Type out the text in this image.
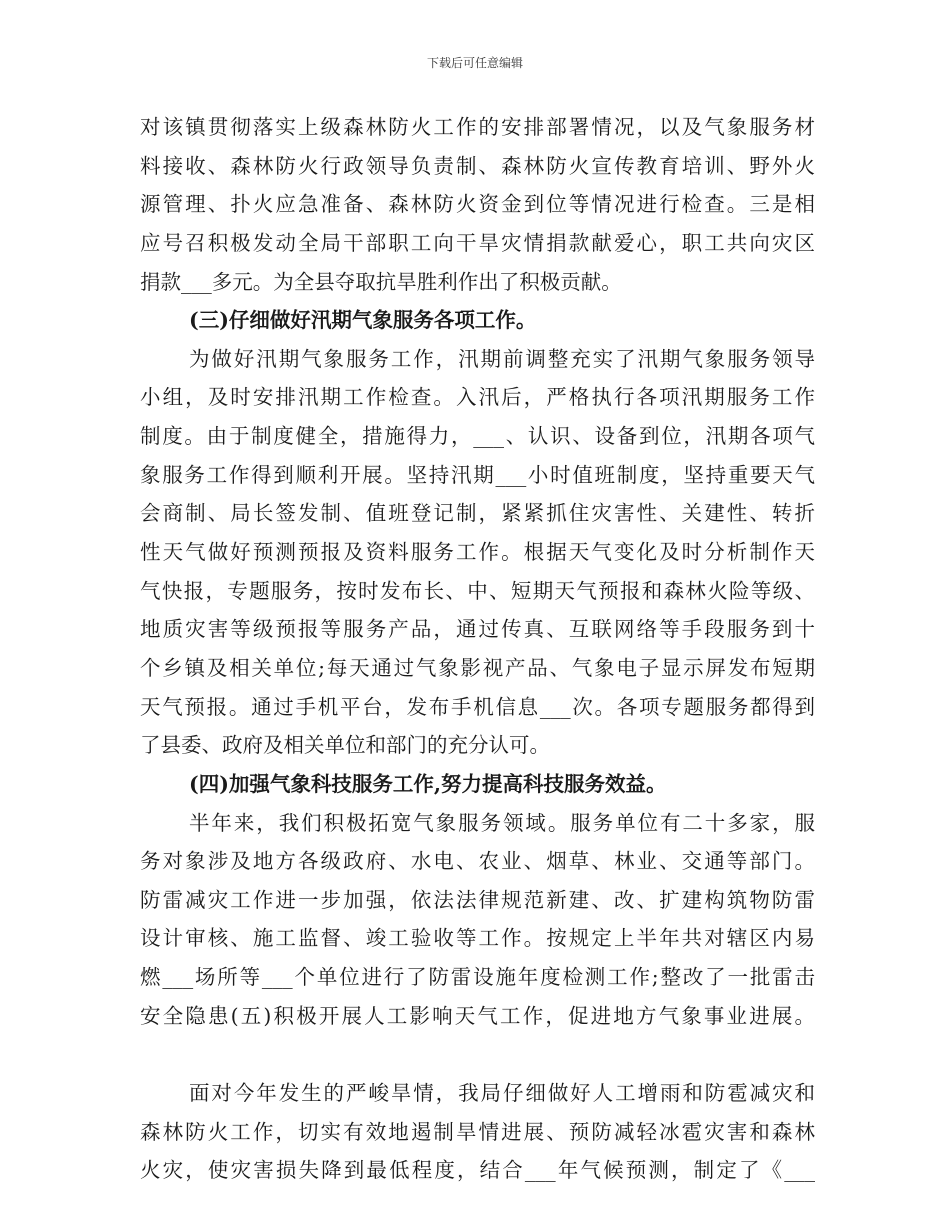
下载后可任意编辑
对该镇贯彻落实上级森林防火工作的安排部署情况，以及气象服务材
料接收、森林防火行政领导负责制、森林防火宣传教育培训、野外火
源管理、扑火应急准备、森林防火资金到位等情况进行检查。三是相
应号召积极发动全局干部职工向干旱灾情捐款献爱心，职工共向灾区
捐款___多元。为全县夺取抗旱胜利作出了积极贡献。
(三)仔细做好汛期气象服务各项工作。
为做好汛期气象服务工作，汛期前调整充实了汛期气象服务领导
小组，及时安排汛期工作检查。入汛后，严格执行各项汛期服务工作
制度。由于制度健全，措施得力，___、认识、设备到位，汛期各项气
象服务工作得到顺利开展。坚持汛期___小时值班制度，坚持重要天气
会商制、局长签发制、值班登记制，紧紧抓住灾害性、关建性、转折
性天气做好预测预报及资料服务工作。根据天气变化及时分析制作天
气快报，专题服务，按时发布长、中、短期天气预报和森林火险等级、
地质灾害等级预报等服务产品，通过传真、互联网络等手段服务到十
个乡镇及相关单位;每天通过气象影视产品、气象电子显示屏发布短期
天气预报。通过手机平台，发布手机信息___次。各项专题服务都得到
了县委、政府及相关单位和部门的充分认可。
(四)加强气象科技服务工作,努力提高科技服务效益。
半年来，我们积极拓宽气象服务领域。服务单位有二十多家，服
务对象涉及地方各级政府、水电、农业、烟草、林业、交通等部门。
防雷减灾工作进一步加强，依法法律规范新建、改、扩建构筑物防雷
设计审核、施工监督、竣工验收等工作。按规定上半年共对辖区内易
燃___场所等___个单位进行了防雷设施年度检测工作;整改了一批雷击
安全隐患(五)积极开展人工影响天气工作，促进地方气象事业进展。
面对今年发生的严峻旱情，我局仔细做好人工增雨和防雹减灾和
森林防火工作，切实有效地遏制旱情进展、预防减轻冰雹灾害和森林
火灾，使灾害损失降到最低程度，结合___年气候预测，制定了《___
